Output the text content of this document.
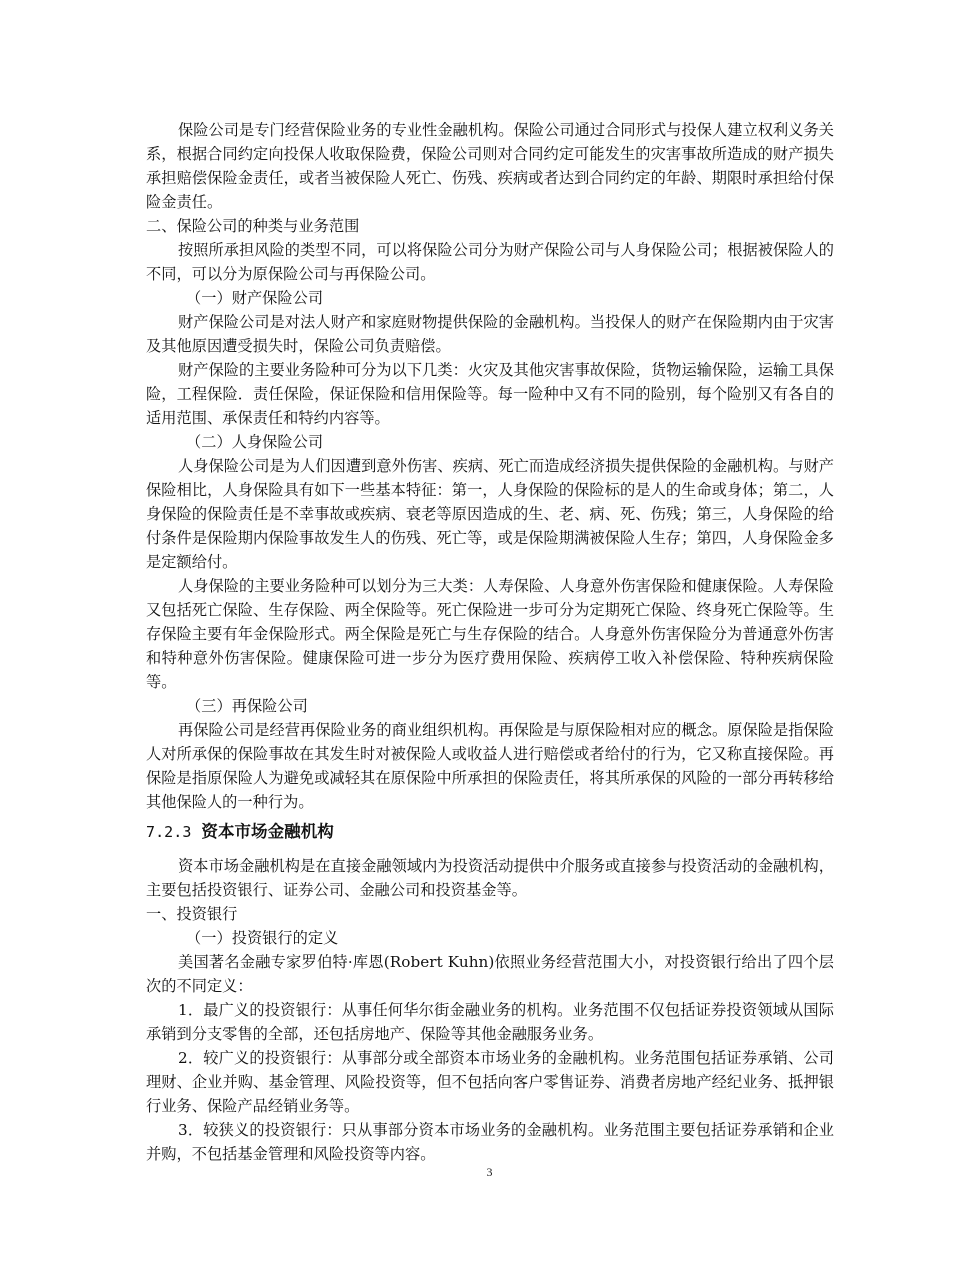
保险公司是专门经营保险业务的专业性金融机构。保险公司通过合同形式与投保人建立权利义务关系，根据合同约定向投保人收取保险费，保险公司则对合同约定可能发生的灾害事故所造成的财产损失承担赔偿保险金责任，或者当被保险人死亡、伤残、疾病或者达到合同约定的年龄、期限时承担给付保险金责任。

二、保险公司的种类与业务范围

按照所承担风险的类型不同，可以将保险公司分为财产保险公司与人身保险公司；根据被保险人的不同，可以分为原保险公司与再保险公司。

（一）财产保险公司

财产保险公司是对法人财产和家庭财物提供保险的金融机构。当投保人的财产在保险期内由于灾害及其他原因遭受损失时，保险公司负责赔偿。

财产保险的主要业务险种可分为以下几类：火灾及其他灾害事故保险，货物运输保险，运输工具保险，工程保险．责任保险，保证保险和信用保险等。每一险种中又有不同的险别，每个险别又有各自的适用范围、承保责任和特约内容等。

（二）人身保险公司

人身保险公司是为人们因遭到意外伤害、疾病、死亡而造成经济损失提供保险的金融机构。与财产保险相比，人身保险具有如下一些基本特征：第一，人身保险的保险标的是人的生命或身体；第二，人身保险的保险责任是不幸事故或疾病、衰老等原因造成的生、老、病、死、伤残；第三，人身保险的给付条件是保险期内保险事故发生人的伤残、死亡等，或是保险期满被保险人生存；第四，人身保险金多是定额给付。

人身保险的主要业务险种可以划分为三大类：人寿保险、人身意外伤害保险和健康保险。人寿保险又包括死亡保险、生存保险、两全保险等。死亡保险进一步可分为定期死亡保险、终身死亡保险等。生存保险主要有年金保险形式。两全保险是死亡与生存保险的结合。人身意外伤害保险分为普通意外伤害和特种意外伤害保险。健康保险可进一步分为医疗费用保险、疾病停工收入补偿保险、特种疾病保险等。

（三）再保险公司

再保险公司是经营再保险业务的商业组织机构。再保险是与原保险相对应的概念。原保险是指保险人对所承保的保险事故在其发生时对被保险人或收益人进行赔偿或者给付的行为，它又称直接保险。再保险是指原保险人为避免或减轻其在原保险中所承担的保险责任，将其所承保的风险的一部分再转移给其他保险人的一种行为。

7.2.3 资本市场金融机构

资本市场金融机构是在直接金融领域内为投资活动提供中介服务或直接参与投资活动的金融机构，主要包括投资银行、证券公司、金融公司和投资基金等。

一、投资银行

（一）投资银行的定义

美国著名金融专家罗伯特·库恩(Robert Kuhn)依照业务经营范围大小，对投资银行给出了四个层次的不同定义：

1．最广义的投资银行：从事任何华尔街金融业务的机构。业务范围不仅包括证券投资领域从国际承销到分支零售的全部，还包括房地产、保险等其他金融服务业务。

2．较广义的投资银行：从事部分或全部资本市场业务的金融机构。业务范围包括证券承销、公司理财、企业并购、基金管理、风险投资等，但不包括向客户零售证券、消费者房地产经纪业务、抵押银行业务、保险产品经销业务等。

3．较狭义的投资银行：只从事部分资本市场业务的金融机构。业务范围主要包括证券承销和企业并购，不包括基金管理和风险投资等内容。

3
